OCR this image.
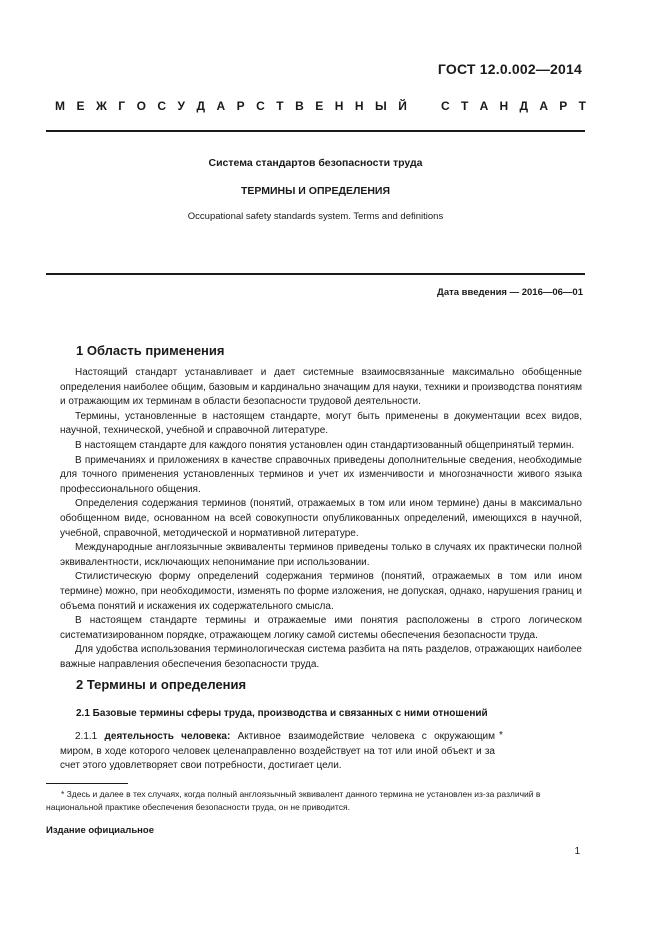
ГОСТ 12.0.002—2014
М Е Ж Г О С У Д А Р С Т В Е Н Н Ы Й	С Т А Н Д А Р Т
Система стандартов безопасности труда
ТЕРМИНЫ И ОПРЕДЕЛЕНИЯ
Occupational safety standards system. Terms and definitions
Дата введения — 2016—06—01
1 Область применения

Настоящий стандарт устанавливает и дает системные взаимосвязанные максимально обобщенные определения наиболее общим, базовым и кардинально значащим для науки, техники и производства понятиям и отражающим их терминам в области безопасности трудовой деятельности.

Термины, установленные в настоящем стандарте, могут быть применены в документации всех видов, научной, технической, учебной и справочной литературе.

В настоящем стандарте для каждого понятия установлен один стандартизованный общепринятый термин.

В примечаниях и приложениях в качестве справочных приведены дополнительные сведения, необходимые для точного применения установленных терминов и учет их изменчивости и многозначности живого языка профессионального общения.

Определения содержания терминов (понятий, отражаемых в том или ином термине) даны в максимально обобщенном виде, основанном на всей совокупности опубликованных определений, имеющихся в научной, учебной, справочной, методической и нормативной литературе.

Международные англоязычные эквиваленты терминов приведены только в случаях их практически полной эквивалентности, исключающих непонимание при использовании.

Стилистическую форму определений содержания терминов (понятий, отражаемых в том или ином термине) можно, при необходимости, изменять по форме изложения, не допуская, однако, нарушения границ и объема понятий и искажения их содержательного смысла.

В настоящем стандарте термины и отражаемые ими понятия расположены в строго логическом систематизированном порядке, отражающем логику самой системы обеспечения безопасности труда.

Для удобства использования терминологическая система разбита на пять разделов, отражающих наиболее важные направления обеспечения безопасности труда.

2 Термины и определения
2.1 Базовые термины сферы труда, производства и связанных с ними отношений
2.1.1 деятельность человека: Активное взаимодействие человека с окружающим миром, в ходе которого человек целенаправленно воздействует на тот или иной объект и за счет этого удовлетворяет свои потребности, достигает цели.
*

* Здесь и далее в тех случаях, когда полный англоязычный эквивалент данного термина не установлен из-за различий в национальной практике обеспечения безопасности труда, он не приводится.

Издание официальное
1
